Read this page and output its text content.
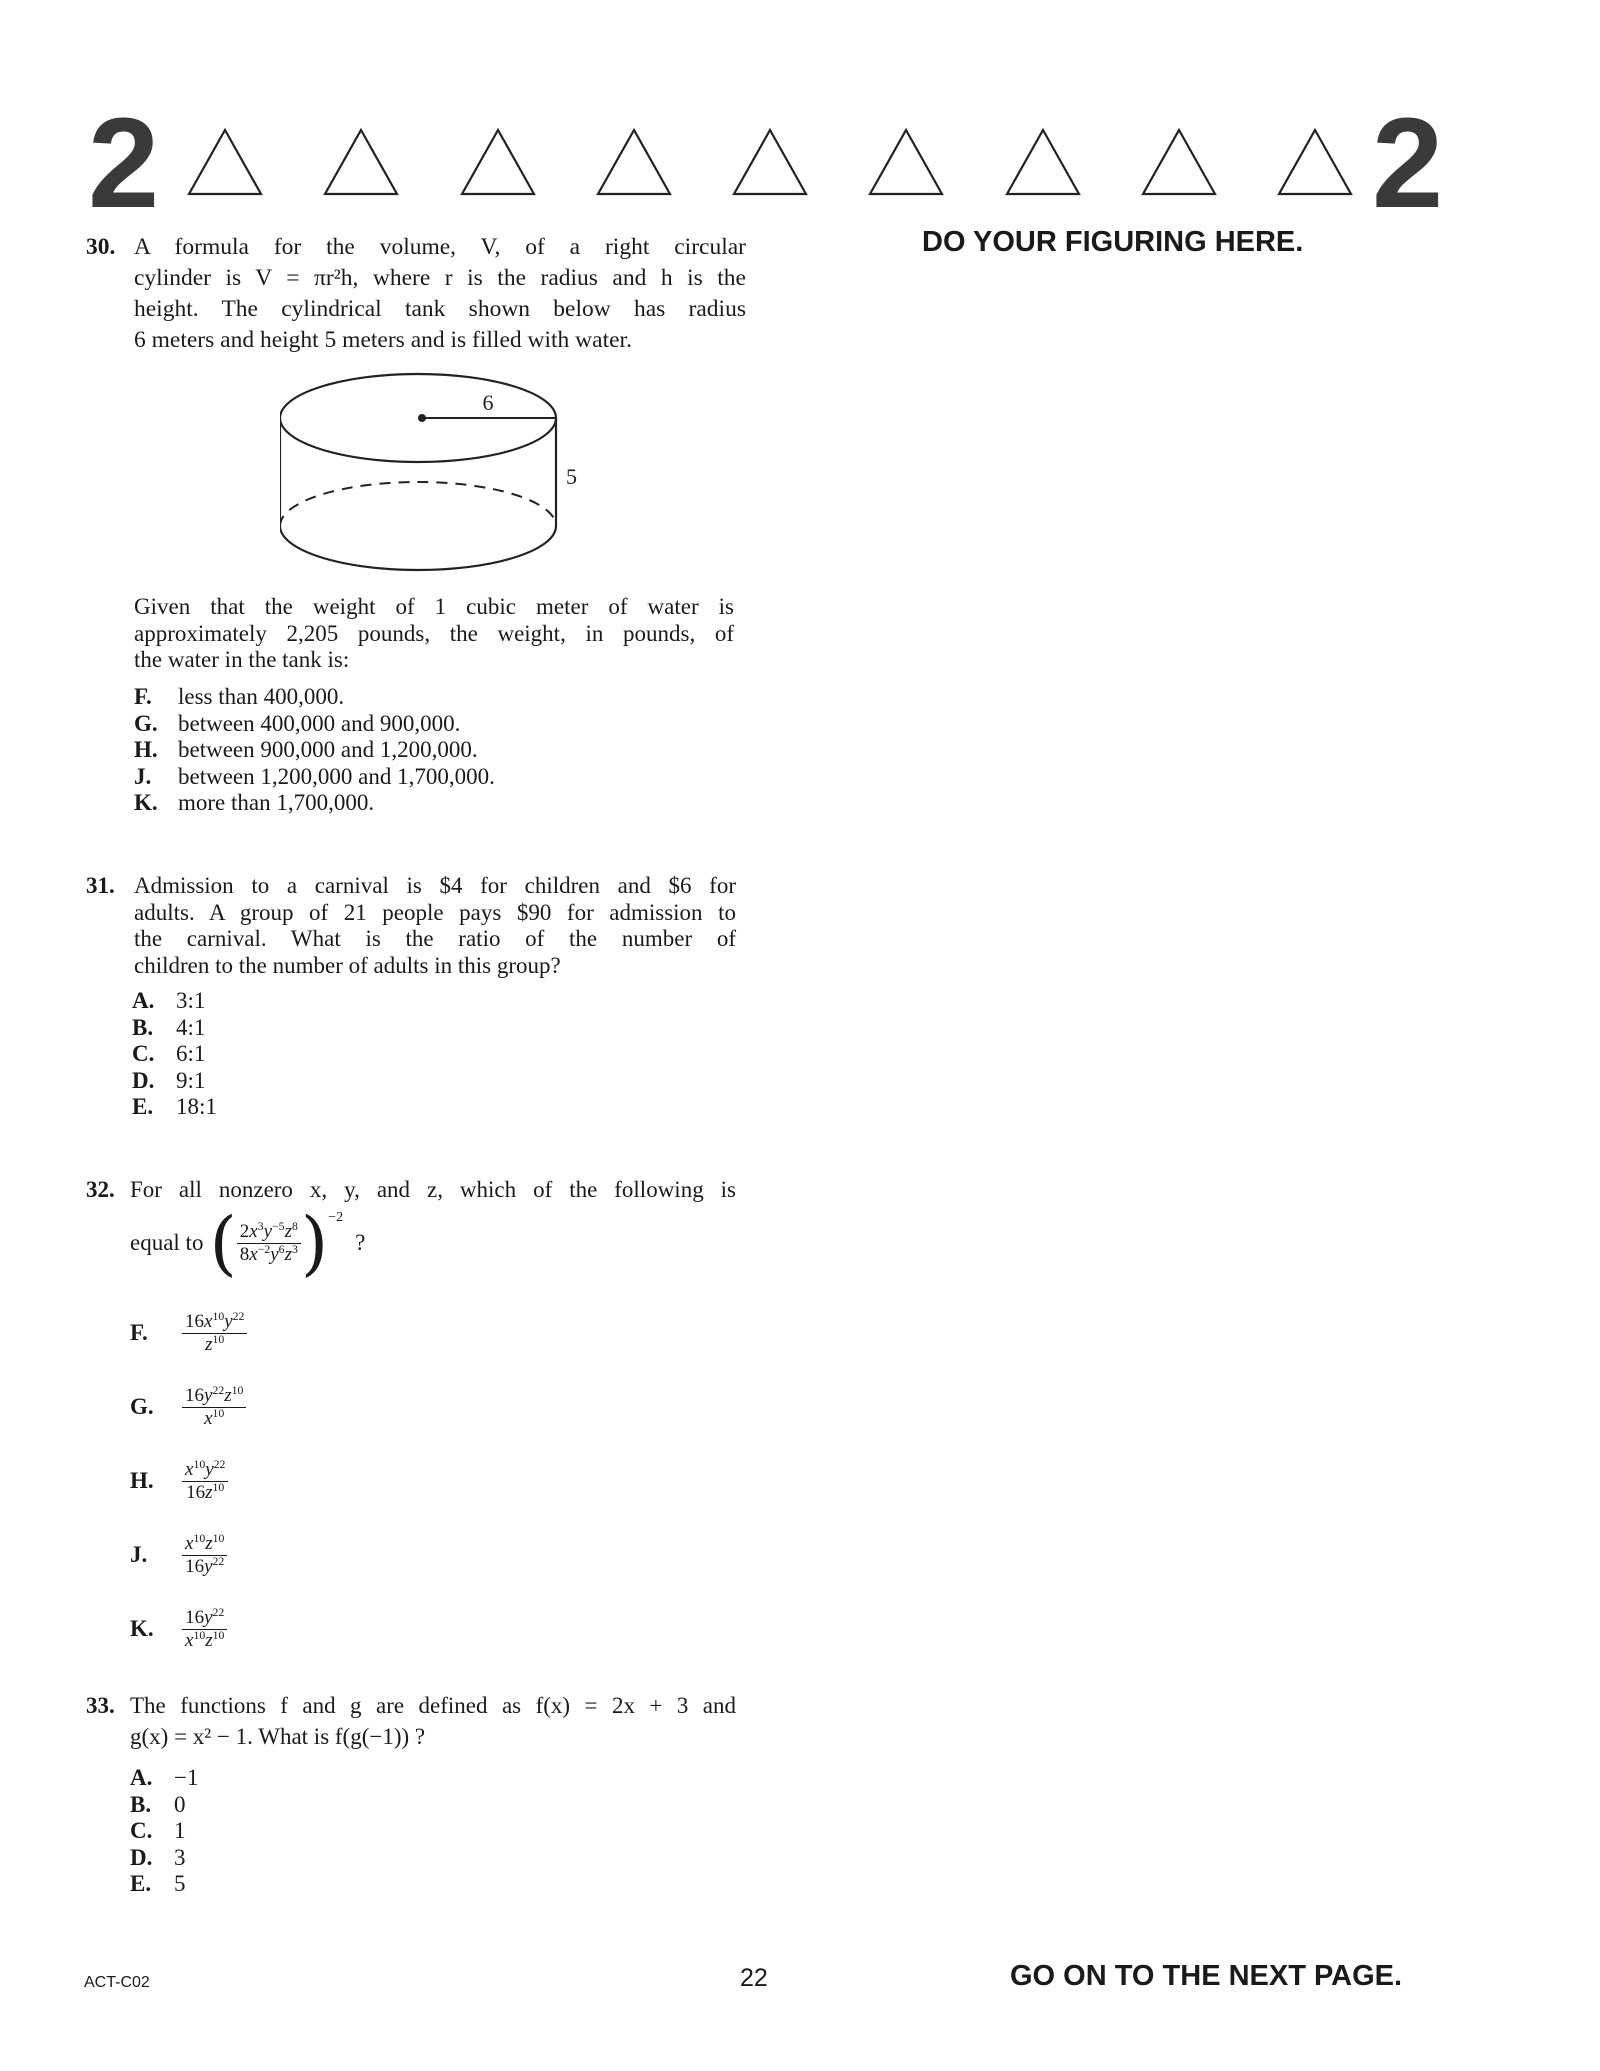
2	2
DO YOUR FIGURING HERE.
30. A formula for the volume, V, of a right circular
cylinder is V = πr²h, where r is the radius and h is the
height. The cylindrical tank shown below has radius
6 meters and height 5 meters and is filled with water.
6
5
Given that the weight of 1 cubic meter of water is
approximately 2,205 pounds, the weight, in pounds, of
the water in the tank is:
F. less than 400,000.
G. between 400,000 and 900,000.
H. between 900,000 and 1,200,000.
J. between 1,200,000 and 1,700,000.
K. more than 1,700,000.
31. Admission to a carnival is $4 for children and $6 for
adults. A group of 21 people pays $90 for admission to
the carnival. What is the ratio of the number of
children to the number of adults in this group?
A. 3:1
B. 4:1
C. 6:1
D. 9:1
E. 18:1
32. For all nonzero x, y, and z, which of the following is
equal to ( $\frac{2x^3y^{-5}z^8}{8x^{-2}y^6z^3}$ ) −2
?
F.	$\frac{16x^{10}y^{22}}{z^{10}}$
G.	$\frac{16y^{22}z^{10}}{x^{10}}$
H.	$\frac{x^{10}y^{22}}{16z^{10}}$
J.	$\frac{x^{10}z^{10}}{16y^{22}}$
K.	$\frac{16y^{22}}{x^{10}z^{10}}$
33. The functions f and g are defined as f(x) = 2x + 3 and
g(x) = x² − 1. What is f(g(−1)) ?
A. −1
B. 0
C. 1
D. 3
E. 5
ACT-C02	22	GO ON TO THE NEXT PAGE.
